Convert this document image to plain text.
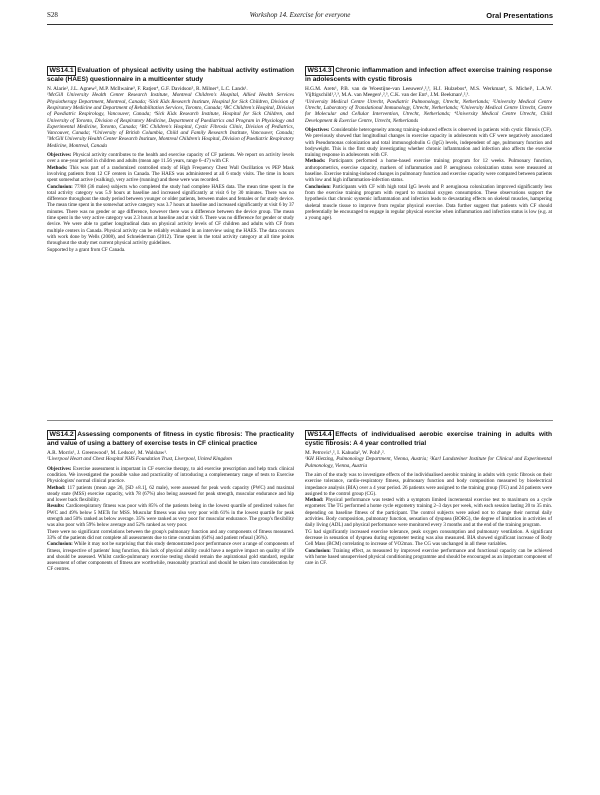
S28	Workshop 14. Exercise for everyone	Oral Presentations
WS14.1 Evaluation of physical activity using the habitual activity estimation scale (HAES) questionnaire in a multicenter study
N. Alarie¹, J.L. Agnew², M.P. McIlwaine³, F. Ratjen⁴, G.F. Davidson⁵, R. Milner⁶, L.C. Lands¹.
¹McGill University Health Center Research Institute, Montreal Children's Hospital, Allied Health Services Physiotherapy Department, Montreal, Canada; ²Sick Kids Research Institute, Hospital for Sick Children, Division of Respiratory Medicine and Department of Rehabilitation Services, Toronto, Canada; ³BC Children's Hospital, Division of Paediatric Respirology, Vancouver, Canada; ⁴Sick Kids Research Institute, Hospital for Sick Children, and University of Toronto, Division of Respiratory Medicine, Department of Paediatrics and Program in Physiology and Experimental Medicine, Toronto, Canada; ⁵BC Children's Hospital, Cystic Fibrosis Clinic, Division of Pediatrics, Vancouver, Canada; ⁶University of British Columbia, Child and Family Research Institute, Vancouver, Canada; ⁷McGill University Health Center Research Institute, Montreal Children's Hospital, Division of Paediatric Respiratory Medicine, Montreal, Canada

Objectives: Physical activity contributes to the health and exercise capacity of CF patients. We report on activity levels over a one-year period in children and adults (mean age 11.56 years, range 6–47) with CF.

Methods: This was part of a randomized controlled study of High Frequency Chest Wall Oscillation vs PEP Mask involving patients from 12 CF centers in Canada. The HAES was administered at all 6 study visits. The time in hours spent somewhat active (walking), very active (running) and these were was recorded.

Conclusion: 77/88 (36 males) subjects who completed the study had complete HAES data. The mean time spent in the total activity category was 5.9 hours at baseline and increased significantly at visit 6 by 30 minutes. There was no difference throughout the study period between younger or older patients, between males and females or for study device. The mean time spent in the somewhat active category was 3.7 hours at baseline and increased significantly at visit 6 by 37 minutes. There was no gender or age difference, however there was a difference between the device group. The mean time spent in the very active category was 2.3 hours at baseline and at visit 6. There was no difference for gender or study device. We were able to gather longitudinal data on physical activity levels of CF children and adults with CF from multiple centers in Canada. Physical activity can be reliably evaluated in an interview using the HAES. The data concurs with work done by Wells (2008), and Schneiderman (2012). Time spent in the total activity category at all time points throughout the study met current physical activity guidelines.

Supported by a grant from CF Canada.

WS14.3 Chronic inflammation and infection affect exercise training response in adolescents with cystic fibrosis
H.G.M. Arets¹, P.B. van de Woestijne-van Leeuwen¹,²,³, H.J. Hulzebos⁴, M.S. Werkman⁴, S. Michel¹, L.A.W. Vijftigschild¹,²,³, M.A. van Meegen¹,²,³, C.K. van der Ent¹, J.M. Beekman¹,²,³.
¹University Medical Centre Utrecht, Paediatric Pulmonology, Utrecht, Netherlands; ²University Medical Centre Utrecht, Laboratory of Translational Immunology, Utrecht, Netherlands; ³University Medical Centre Utrecht, Centre for Molecular and Cellular Intervention, Utrecht, Netherlands; ⁴University Medical Centre Utrecht, Child Development & Exercise Centre, Utrecht, Netherlands

Objectives: Considerable heterogeneity among training-induced effects is observed in patients with cystic fibrosis (CF). We previously showed that longitudinal changes in exercise capacity in adolescents with CF were negatively associated with Pseudomonas colonization and total immunoglobulin G (IgG) levels, independent of age, pulmonary function and bodyweight. This is the first study investigating whether chronic inflammation and infection also affects the exercise training response in adolescents with CF.

Methods: Participants performed a home-based exercise training program for 12 weeks. Pulmonary function, anthropometrics, exercise capacity, markers of inflammation and P. aeruginosa colonization status were measured at baseline. Exercise training-induced changes in pulmonary function and exercise capacity were compared between patients with low and high inflammation-infection status.

Conclusion: Participants with CF with high total IgG levels and P. aeruginosa colonization improved significantly less from the exercise training program with regard to maximal oxygen consumption. These observations support the hypothesis that chronic systemic inflammation and infection leads to devastating effects on skeletal muscles, hampering skeletal muscle tissue to improve from regular physical exercise. Data further suggest that patients with CF should preferentially be encouraged to engage in regular physical exercise when inflammation and infection status is low (e.g. at a young age).

WS14.2 Assessing components of fitness in cystic fibrosis: The practicality and value of using a battery of exercise tests in CF clinical practice
A.R. Morris¹, J. Greenwood¹, M. Ledson¹, M. Walshaw¹.
¹Liverpool Heart and Chest Hospital NHS Foundation Trust, Liverpool, United Kingdom

Objectives: Exercise assessment is important in CF exercise therapy, to aid exercise prescription and help track clinical condition. We investigated the possible value and practicality of introducing a complementary range of tests to Exercise Physiologists' normal clinical practice.

Method: 117 patients (mean age 26, [SD ±8.1], 62 male), were assessed for peak work capacity (PWC) and maximal steady state (MSS) exercise capacity, with 78 (67%) also being assessed for peak strength, muscular endurance and hip and lower back flexibility.

Results: Cardiorespiratory fitness was poor with 85% of the patients being in the lowest quartile of predicted values for PWC and 49% below 5 METs for MSS. Muscular fitness was also very poor with 61% in the lowest quartile for peak strength and 50% ranked as below average. 35% were ranked as very poor for muscular endurance. The group's flexibility was also poor with 59% below average and 52% ranked as very poor.

There were no significant correlations between the group's pulmonary function and any components of fitness measured. 33% of the patients did not complete all assessments due to time constraints (64%) and patient refusal (36%).

Conclusion: While it may not be surprising that this study demonstrated poor performance over a range of components of fitness, irrespective of patients' lung function, this lack of physical ability could have a negative impact on quality of life and should be assessed. Whilst cardio-pulmonary exercise testing should remain the aspirational gold standard, regular assessment of other components of fitness are worthwhile, reasonably practical and should be taken into consideration by CF centres.

WS14.4 Effects of individualised aerobic exercise training in adults with cystic fibrosis: A 4 year controlled trial
M. Petrovic¹,², I. Kahuda², W. Pohl¹,².
¹KH Hietzing, Pulmonology Department, Vienna, Austria; ²Karl Landsteiner Institute for Clinical and Experimental Pulmonology, Vienna, Austria

The aim of the study was to investigate effects of the individualised aerobic training in adults with cystic fibrosis on their exercise tolerance, cardio-respiratory fitness, pulmonary function and body composition measured by bioelectrical impedance analysis (BIA) over a 4 year period. 26 patients were assigned to the training group (TG) and 24 patients were assigned to the control group (CG).

Method: Physical performance was tested with a symptom limited incremental exercise test to maximum on a cycle ergometer. The TG performed a home cycle ergometry training 2–3 days per week, with each session lasting 20 to 35 min. depending on baseline fitness of the participant. The control subjects were asked not to change their normal daily activities. Body composition, pulmonary function, sensation of dyspnea (BORG), the degree of limitation in activities of daily living (ADL) and physical performance were monitored every 3 months and at the end of the training program.

TG had significantly increased exercise tolerance, peak oxygen consumption and pulmonary ventilation. A significant decrease in sensation of dyspnea during ergometer testing was also measured. BIA showed significant increase of Body Cell Mass (BCM) correlating to increase of VO2max. The CG was unchanged in all these variables.

Conclusion: Training effect, as measured by improved exercise performance and functional capacity can be achieved with home based unsupervised physical conditioning programme and should be encouraged as an important component of care in CF.
